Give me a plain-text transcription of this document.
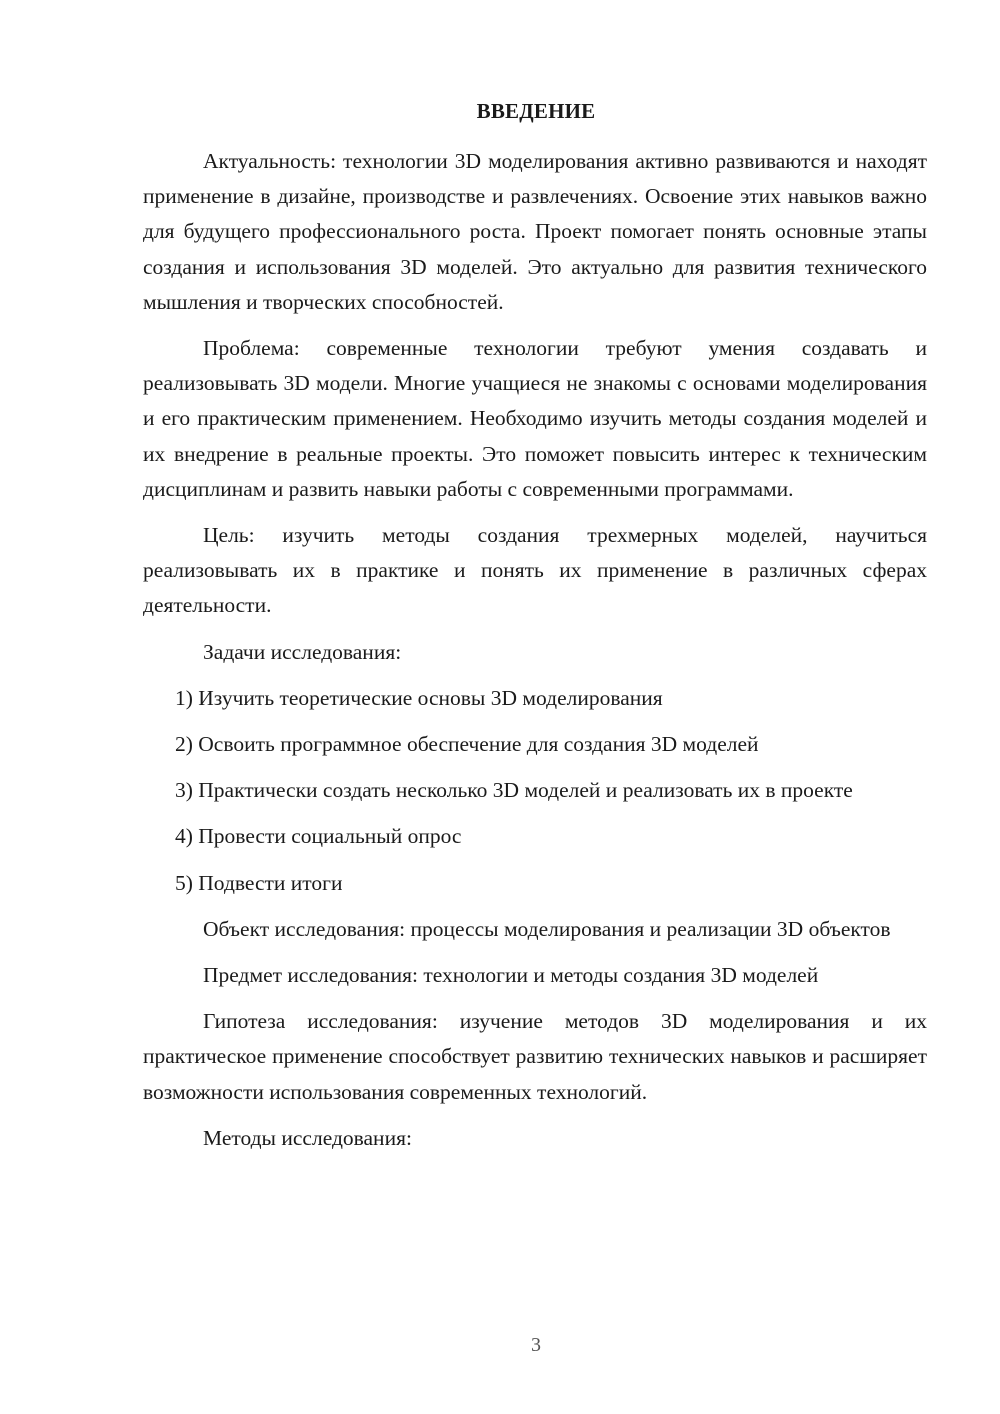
ВВЕДЕНИЕ

Актуальность: технологии 3D моделирования активно развиваются и находят применение в дизайне, производстве и развлечениях. Освоение этих навыков важно для будущего профессионального роста. Проект помогает понять основные этапы создания и использования 3D моделей. Это актуально для развития технического мышления и творческих способностей.

Проблема: современные технологии требуют умения создавать и реализовывать 3D модели. Многие учащиеся не знакомы с основами моделирования и его практическим применением. Необходимо изучить методы создания моделей и их внедрение в реальные проекты. Это поможет повысить интерес к техническим дисциплинам и развить навыки работы с современными программами.

Цель: изучить методы создания трехмерных моделей, научиться реализовывать их в практике и понять их применение в различных сферах деятельности.

Задачи исследования:

1) Изучить теоретические основы 3D моделирования

2) Освоить программное обеспечение для создания 3D моделей

3) Практически создать несколько 3D моделей и реализовать их в проекте

4) Провести социальный опрос

5) Подвести итоги

Объект исследования: процессы моделирования и реализации 3D объектов

Предмет исследования: технологии и методы создания 3D моделей

Гипотеза исследования: изучение методов 3D моделирования и их практическое применение способствует развитию технических навыков и расширяет возможности использования современных технологий.

Методы исследования:

3
